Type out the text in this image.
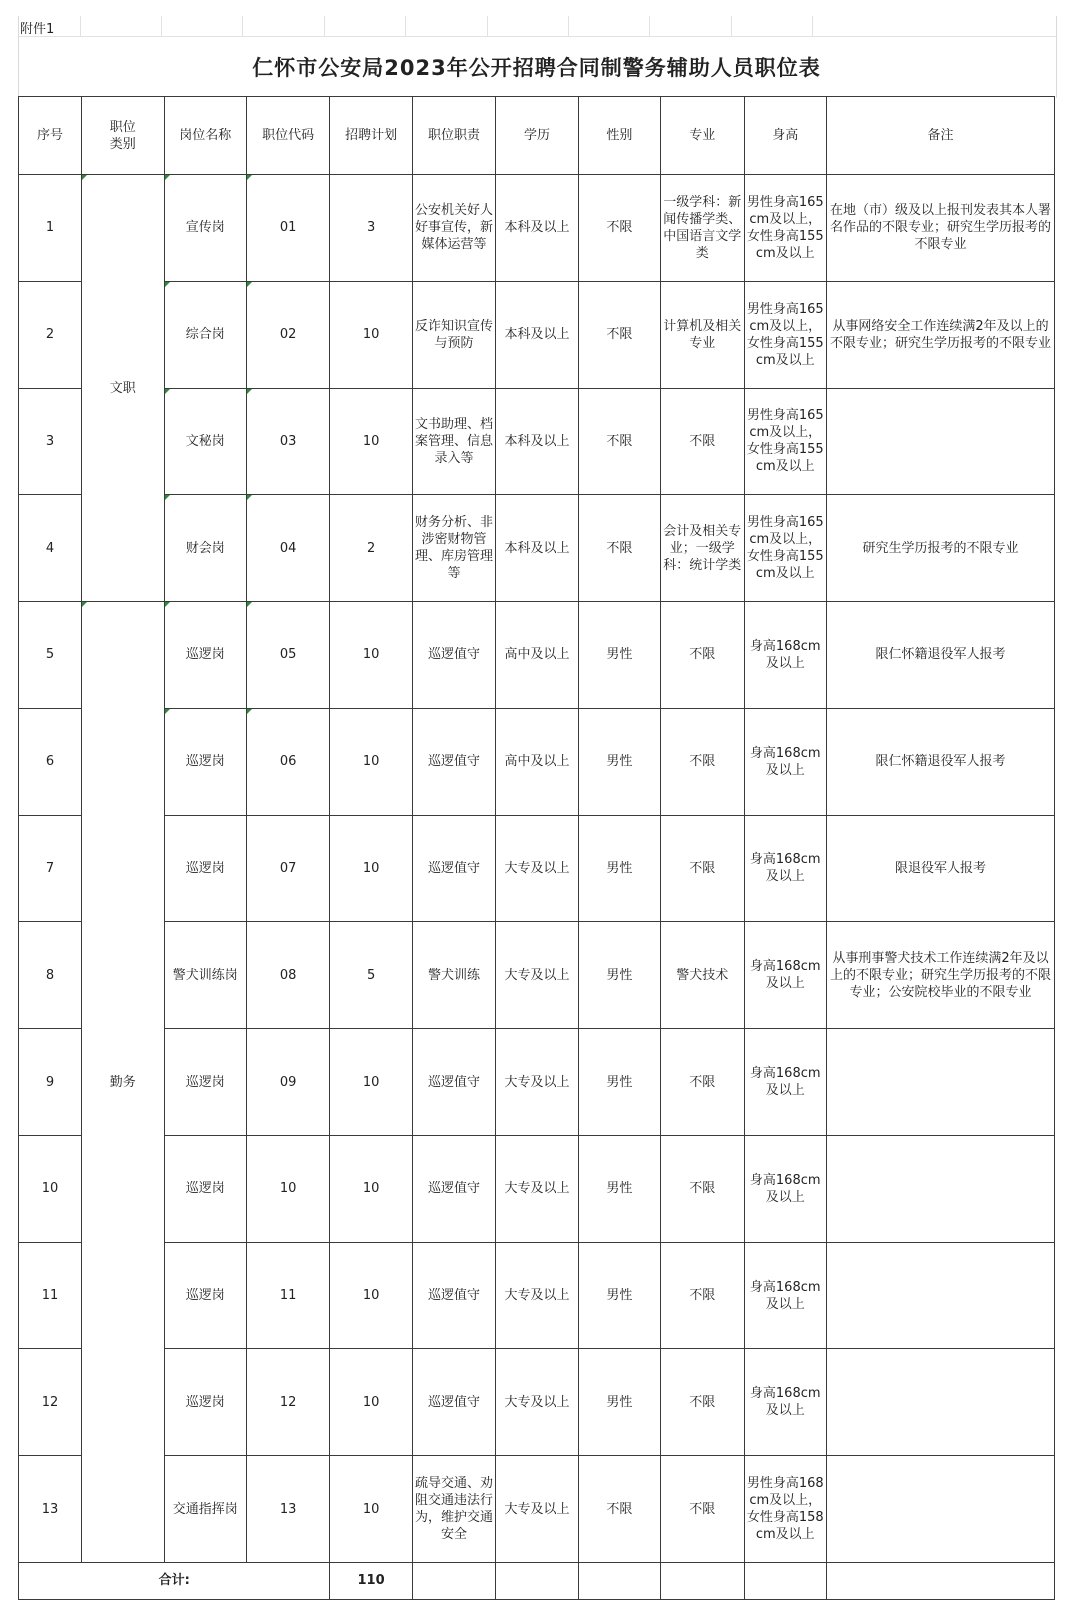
附件1
仁怀市公安局2023年公开招聘合同制警务辅助人员职位表
序号	职位类别	岗位名称	职位代码	招聘计划	职位职责	学历	性别	专业	身高	备注
1	文职	宣传岗	01	3	公安机关好人好事宣传，新媒体运营等	本科及以上	不限	一级学科：新闻传播学类、中国语言文学类	男性身高165cm及以上，女性身高155cm及以上	在地（市）级及以上报刊发表其本人署名作品的不限专业；研究生学历报考的不限专业
2		综合岗	02	10	反诈知识宣传与预防	本科及以上	不限	计算机及相关专业	男性身高165cm及以上，女性身高155cm及以上	从事网络安全工作连续满2年及以上的不限专业；研究生学历报考的不限专业
3		文秘岗	03	10	文书助理、档案管理、信息录入等	本科及以上	不限	不限	男性身高165cm及以上，女性身高155cm及以上	
4		财会岗	04	2	财务分析、非涉密财物管理、库房管理等	本科及以上	不限	会计及相关专业；一级学科：统计学类	男性身高165cm及以上，女性身高155cm及以上	研究生学历报考的不限专业
5	勤务	巡逻岗	05	10	巡逻值守	高中及以上	男性	不限	身高168cm及以上	限仁怀籍退役军人报考
6		巡逻岗	06	10	巡逻值守	高中及以上	男性	不限	身高168cm及以上	限仁怀籍退役军人报考
7		巡逻岗	07	10	巡逻值守	大专及以上	男性	不限	身高168cm及以上	限退役军人报考
8		警犬训练岗	08	5	警犬训练	大专及以上	男性	警犬技术	身高168cm及以上	从事刑事警犬技术工作连续满2年及以上的不限专业；研究生学历报考的不限专业；公安院校毕业的不限专业
9		巡逻岗	09	10	巡逻值守	大专及以上	男性	不限	身高168cm及以上	
10		巡逻岗	10	10	巡逻值守	大专及以上	男性	不限	身高168cm及以上	
11		巡逻岗	11	10	巡逻值守	大专及以上	男性	不限	身高168cm及以上	
12		巡逻岗	12	10	巡逻值守	大专及以上	男性	不限	身高168cm及以上	
13		交通指挥岗	13	10	疏导交通、劝阻交通违法行为，维护交通安全	大专及以上	不限	不限	男性身高168cm及以上，女性身高158cm及以上	
合计:				110						
